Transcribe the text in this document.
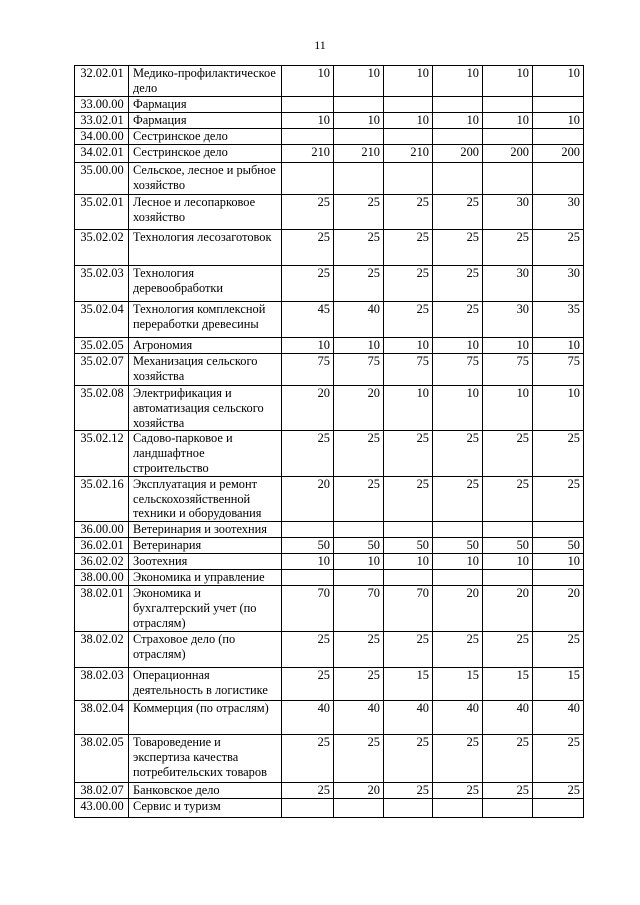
11
32.02.01	Медико-профилактическое дело	10	10	10	10	10	10
33.00.00	Фармация						
33.02.01	Фармация	10	10	10	10	10	10
34.00.00	Сестринское дело						
34.02.01	Сестринское дело	210	210	210	200	200	200
35.00.00	Сельское, лесное и рыбное хозяйство						
35.02.01	Лесное и лесопарковое хозяйство	25	25	25	25	30	30
35.02.02	Технология лесозаготовок	25	25	25	25	25	25
35.02.03	Технология деревообработки	25	25	25	25	30	30
35.02.04	Технология комплексной переработки древесины	45	40	25	25	30	35
35.02.05	Агрономия	10	10	10	10	10	10
35.02.07	Механизация сельского хозяйства	75	75	75	75	75	75
35.02.08	Электрификация и автоматизация сельского хозяйства	20	20	10	10	10	10
35.02.12	Садово-парковое и ландшафтное строительство	25	25	25	25	25	25
35.02.16	Эксплуатация и ремонт сельскохозяйственной техники и оборудования	20	25	25	25	25	25
36.00.00	Ветеринария и зоотехния						
36.02.01	Ветеринария	50	50	50	50	50	50
36.02.02	Зоотехния	10	10	10	10	10	10
38.00.00	Экономика и управление						
38.02.01	Экономика и бухгалтерский учет (по отраслям)	70	70	70	20	20	20
38.02.02	Страховое дело (по отраслям)	25	25	25	25	25	25
38.02.03	Операционная деятельность в логистике	25	25	15	15	15	15
38.02.04	Коммерция (по отраслям)	40	40	40	40	40	40
38.02.05	Товароведение и экспертиза качества потребительских товаров	25	25	25	25	25	25
38.02.07	Банковское дело	25	20	25	25	25	25
43.00.00	Сервис и туризм						
